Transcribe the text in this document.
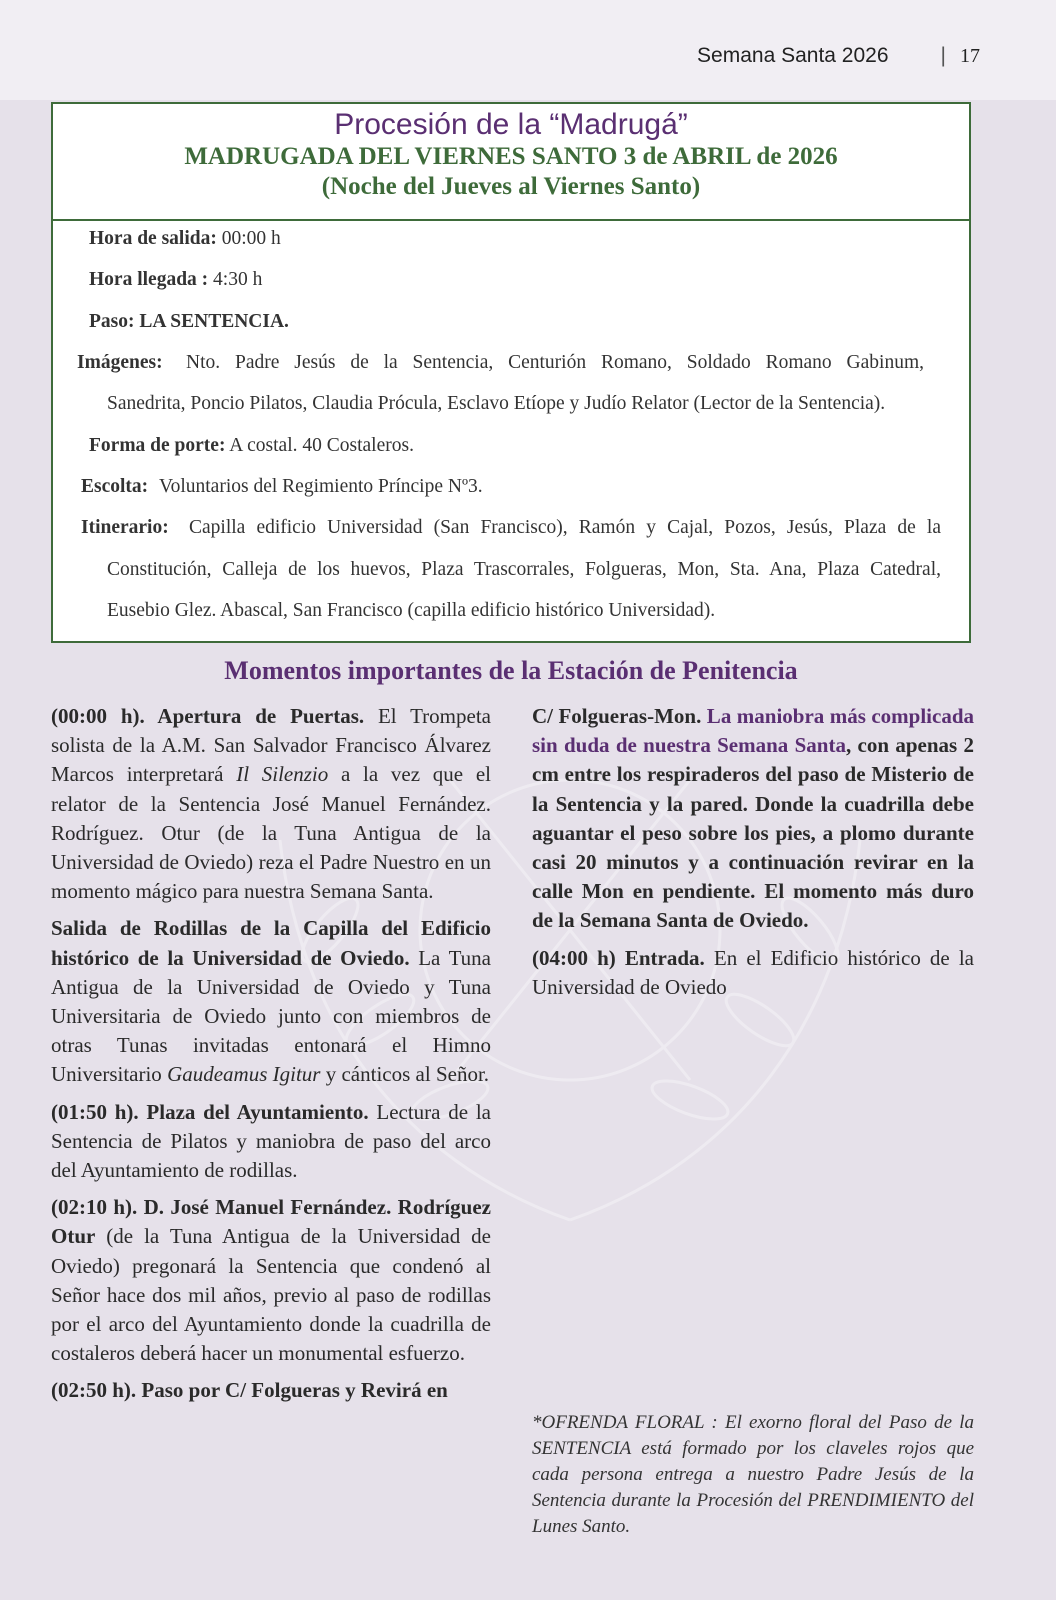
Semana Santa 2026 | 17
Procesión de la “Madrugá”
MADRUGADA DEL VIERNES SANTO 3 de ABRIL de 2026
(Noche del Jueves al Viernes Santo)
Hora de salida: 00:00 h
Hora llegada : 4:30 h
Paso: LA SENTENCIA.
Imágenes: Nto. Padre Jesús de la Sentencia, Centurión Romano, Soldado Romano Gabinum,
Sanedrita, Poncio Pilatos, Claudia Prócula, Esclavo Etíope y Judío Relator (Lector de la Sentencia).
Forma de porte: A costal. 40 Costaleros.
Escolta: Voluntarios del Regimiento Príncipe Nº3.
Itinerario: Capilla edificio Universidad (San Francisco), Ramón y Cajal, Pozos, Jesús, Plaza de la
Constitución, Calleja de los huevos, Plaza Trascorrales, Folgueras, Mon, Sta. Ana, Plaza Catedral,
Eusebio Glez. Abascal, San Francisco (capilla edificio histórico Universidad).
Momentos importantes de la Estación de Penitencia

(00:00 h). Apertura de Puertas. El Trompeta solista de la A.M. San Salvador Francisco Álvarez Marcos interpretará Il Silenzio a la vez que el relator de la Sentencia José Manuel Fernández. Rodríguez. Otur (de la Tuna Antigua de la Universidad de Oviedo) reza el Padre Nuestro en un momento mágico para nuestra Semana Santa.

Salida de Rodillas de la Capilla del Edificio histórico de la Universidad de Oviedo. La Tuna Antigua de la Universidad de Oviedo y Tuna Universitaria de Oviedo junto con miembros de otras Tunas invitadas entonará el Himno Universitario Gaudeamus Igitur y cánticos al Señor.

(01:50 h). Plaza del Ayuntamiento. Lectura de la Sentencia de Pilatos y maniobra de paso del arco del Ayuntamiento de rodillas.

(02:10 h). D. José Manuel Fernández. Rodríguez Otur (de la Tuna Antigua de la Universidad de Oviedo) pregonará la Sentencia que condenó al Señor hace dos mil años, previo al paso de rodillas por el arco del Ayuntamiento donde la cuadrilla de costaleros deberá hacer un monumental esfuerzo.

(02:50 h). Paso por C/ Folgueras y Revirá en

C/ Folgueras-Mon. La maniobra más complicada sin duda de nuestra Semana Santa, con apenas 2 cm entre los respiraderos del paso de Misterio de la Sentencia y la pared. Donde la cuadrilla debe aguantar el peso sobre los pies, a plomo durante casi 20 minutos y a continuación revirar en la calle Mon en pendiente. El momento más duro de la Semana Santa de Oviedo.

(04:00 h) Entrada. En el Edificio histórico de la Universidad de Oviedo

*OFRENDA FLORAL : El exorno floral del Paso de la SENTENCIA está formado por los claveles rojos que cada persona entrega a nuestro Padre Jesús de la Sentencia durante la Procesión del PRENDIMIENTO del Lunes Santo.
